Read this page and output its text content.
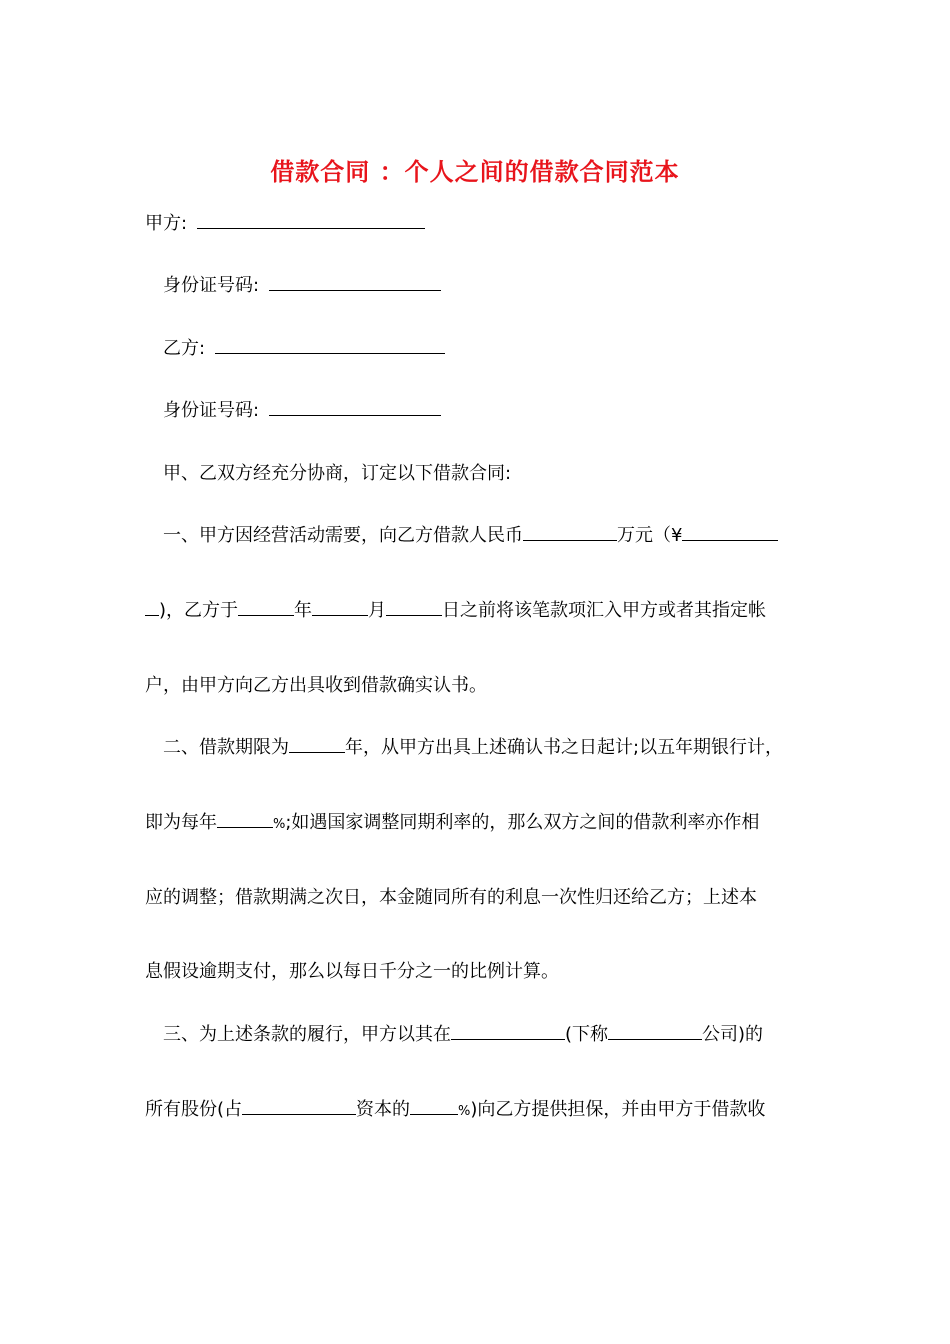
借款合同 ：个人之间的借款合同范本
甲方:
身份证号码:
乙方:
身份证号码:
甲、乙双方经充分协商，订定以下借款合同:
一、甲方因经营活动需要，向乙方借款人民币	万元（¥
)，乙方于	年	月	日之前将该笔款项汇入甲方或者其指定帐
户，由甲方向乙方出具收到借款确实认书。
二、借款期限为	年，从甲方出具上述确认书之日起计;以五年期银行计，
即为每年	%;如遇国家调整同期利率的，那么双方之间的借款利率亦作相
应的调整；借款期满之次日，本金随同所有的利息一次性归还给乙方；上述本
息假设逾期支付，那么以每日千分之一的比例计算。
三、为上述条款的履行，甲方以其在	(下称	公司)的
所有股份(占	资本的	%)向乙方提供担保，并由甲方于借款收
